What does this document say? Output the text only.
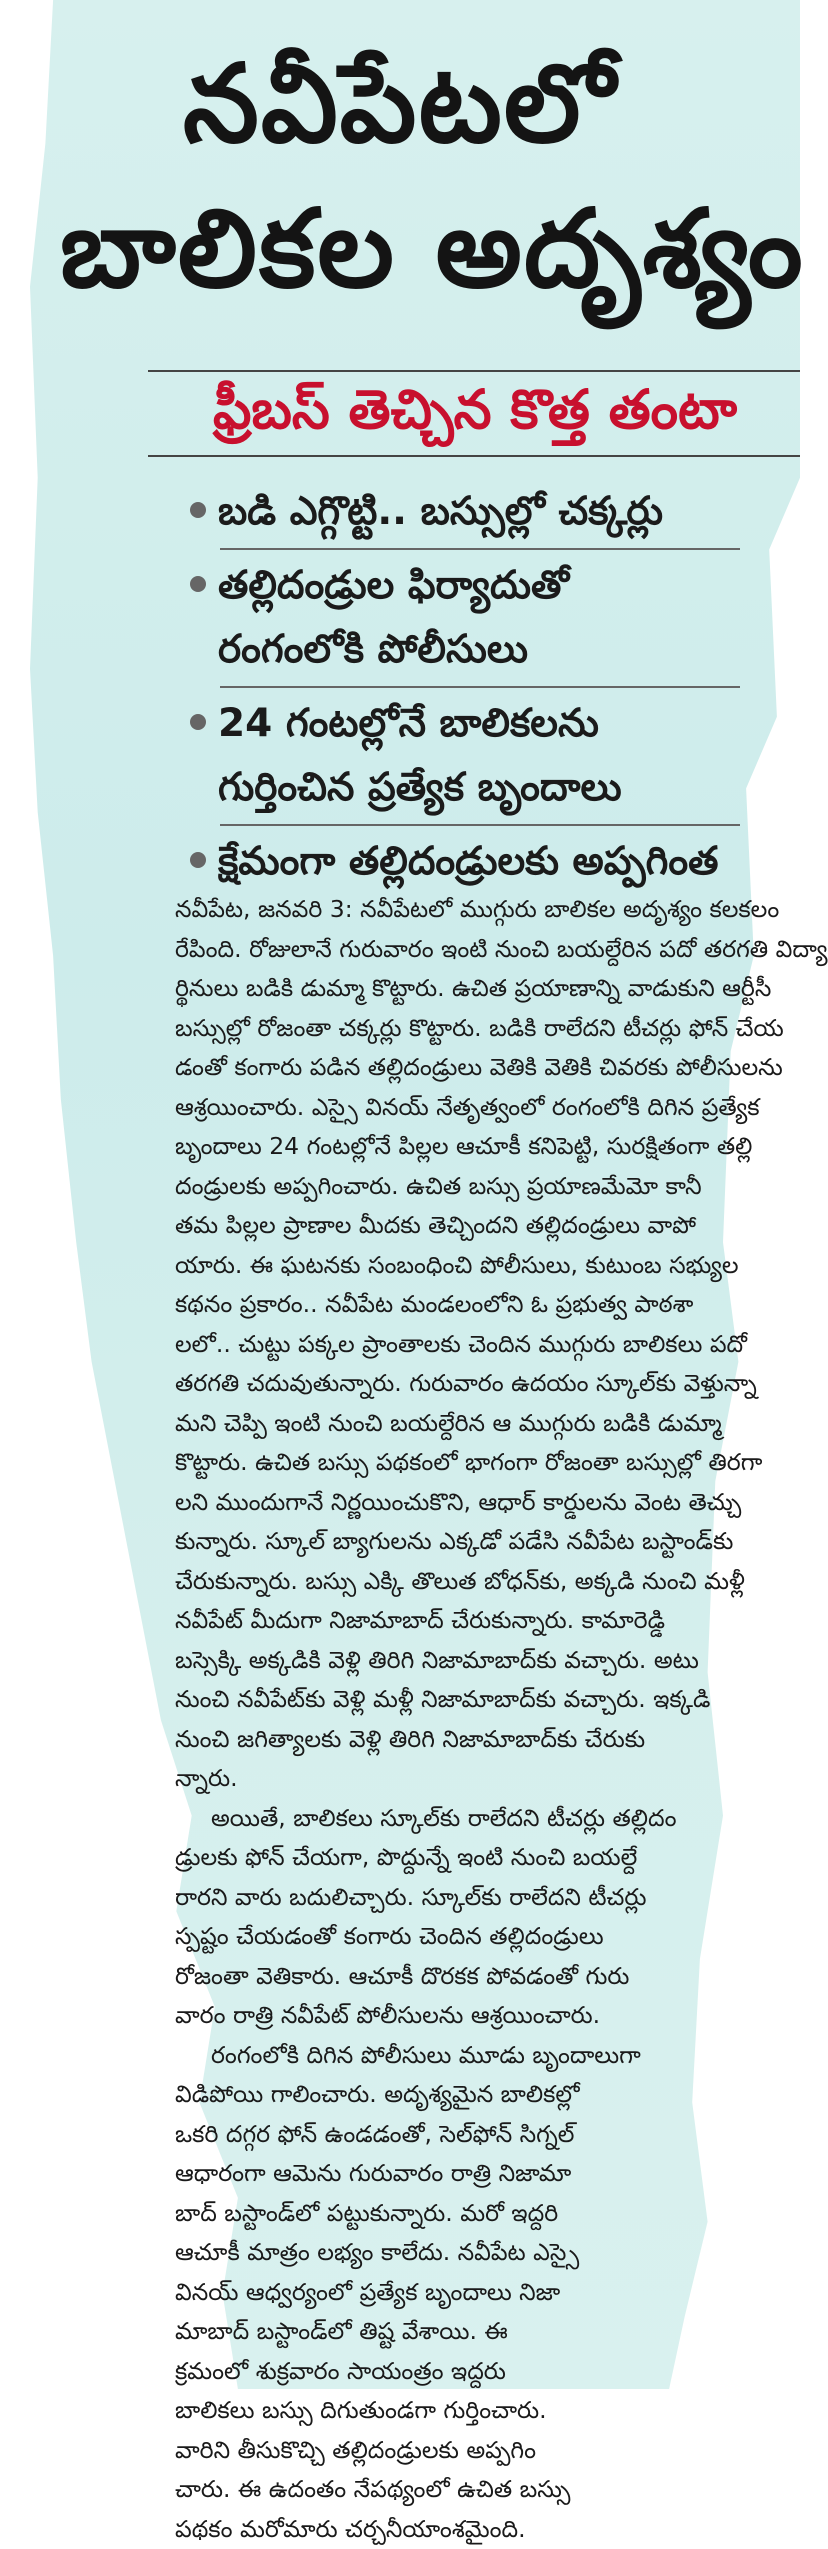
నవీపేటలో
బాలికల అదృశ్యం
ఫ్రీబస్ తెచ్చిన కొత్త తంటా
బడి ఎగ్గొట్టి.. బస్సుల్లో చక్కర్లు
తల్లిదండ్రుల ఫిర్యాదుతో
రంగంలోకి పోలీసులు
24 గంటల్లోనే బాలికలను
గుర్తించిన ప్రత్యేక బృందాలు
క్షేమంగా తల్లిదండ్రులకు అప్పగింత
నవీపేట, జనవరి 3: నవీపేటలో ముగ్గురు బాలికల అదృశ్యం కలకలం
రేపింది. రోజులానే గురువారం ఇంటి నుంచి బయల్దేరిన పదో తరగతి విద్యా
ర్థినులు బడికి డుమ్మా కొట్టారు. ఉచిత ప్రయాణాన్ని వాడుకుని ఆర్టీసీ
బస్సుల్లో రోజంతా చక్కర్లు కొట్టారు. బడికి రాలేదని టీచర్లు ఫోన్ చేయ
డంతో కంగారు పడిన తల్లిదండ్రులు వెతికి వెతికి చివరకు పోలీసులను
ఆశ్రయించారు. ఎస్సై వినయ్ నేతృత్వంలో రంగంలోకి దిగిన ప్రత్యేక
బృందాలు 24 గంటల్లోనే పిల్లల ఆచూకీ కనిపెట్టి, సురక్షితంగా తల్లి
దండ్రులకు అప్పగించారు. ఉచిత బస్సు ప్రయాణమేమో కానీ
తమ పిల్లల ప్రాణాల మీదకు తెచ్చిందని తల్లిదండ్రులు వాపో
యారు. ఈ ఘటనకు సంబంధించి పోలీసులు, కుటుంబ సభ్యుల
కథనం ప్రకారం.. నవీపేట మండలంలోని ఓ ప్రభుత్వ పాఠశా
లలో.. చుట్టు పక్కల ప్రాంతాలకు చెందిన ముగ్గురు బాలికలు పదో
తరగతి చదువుతున్నారు. గురువారం ఉదయం స్కూల్‌కు వెళ్తున్నా
మని చెప్పి ఇంటి నుంచి బయల్దేరిన ఆ ముగ్గురు బడికి డుమ్మా
కొట్టారు. ఉచిత బస్సు పథకంలో భాగంగా రోజంతా బస్సుల్లో తిరగా
లని ముందుగానే నిర్ణయించుకొని, ఆధార్ కార్డులను వెంట తెచ్చు
కున్నారు. స్కూల్ బ్యాగులను ఎక్కడో పడేసి నవీపేట బస్టాండ్‌కు
చేరుకున్నారు. బస్సు ఎక్కి తొలుత బోధన్‌కు, అక్కడి నుంచి మళ్లీ
నవీపేట్ మీదుగా నిజామాబాద్ చేరుకున్నారు. కామారెడ్డి
బస్సెక్కి అక్కడికి వెళ్లి తిరిగి నిజామాబాద్‌కు వచ్చారు. అటు
నుంచి నవీపేట్‌కు వెళ్లి మళ్లీ నిజామాబాద్‌కు వచ్చారు. ఇక్కడి
నుంచి జగిత్యాలకు వెళ్లి తిరిగి నిజామాబాద్‌కు చేరుకు
న్నారు.
అయితే, బాలికలు స్కూల్‌కు రాలేదని టీచర్లు తల్లిదం
డ్రులకు ఫోన్ చేయగా, పొద్దున్నే ఇంటి నుంచి బయల్దే
రారని వారు బదులిచ్చారు. స్కూల్‌కు రాలేదని టీచర్లు
స్పష్టం చేయడంతో కంగారు చెందిన తల్లిదండ్రులు
రోజంతా వెతికారు. ఆచూకీ దొరకక పోవడంతో గురు
వారం రాత్రి నవీపేట్ పోలీసులను ఆశ్రయించారు.
రంగంలోకి దిగిన పోలీసులు మూడు బృందాలుగా
విడిపోయి గాలించారు. అదృశ్యమైన బాలికల్లో
ఒకరి దగ్గర ఫోన్ ఉండడంతో, సెల్‌ఫోన్ సిగ్నల్
ఆధారంగా ఆమెను గురువారం రాత్రి నిజామా
బాద్ బస్టాండ్‌లో పట్టుకున్నారు. మరో ఇద్దరి
ఆచూకీ మాత్రం లభ్యం కాలేదు. నవీపేట ఎస్సై
వినయ్ ఆధ్వర్యంలో ప్రత్యేక బృందాలు నిజా
మాబాద్ బస్టాండ్‌లో తిష్ట వేశాయి. ఈ
క్రమంలో శుక్రవారం సాయంత్రం ఇద్దరు
బాలికలు బస్సు దిగుతుండగా గుర్తించారు.
వారిని తీసుకొచ్చి తల్లిదండ్రులకు అప్పగిం
చారు. ఈ ఉదంతం నేపథ్యంలో ఉచిత బస్సు
పథకం మరోమారు చర్చనీయాంశమైంది.
